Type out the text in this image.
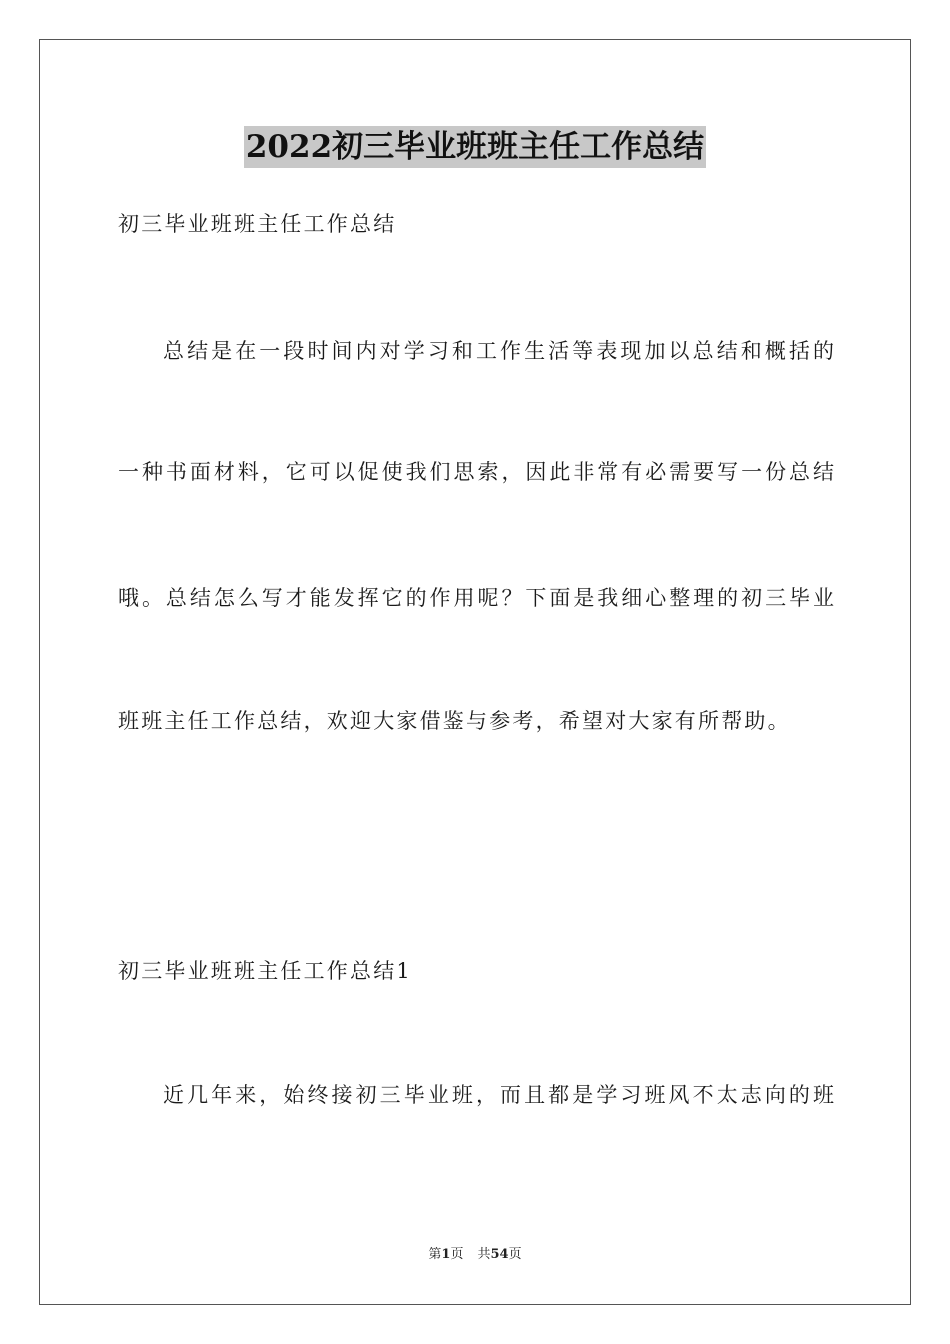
2022初三毕业班班主任工作总结
初三毕业班班主任工作总结
总结是在一段时间内对学习和工作生活等表现加以总结和概括的
一种书面材料，它可以促使我们思索，因此非常有必需要写一份总结
哦。总结怎么写才能发挥它的作用呢？下面是我细心整理的初三毕业
班班主任工作总结，欢迎大家借鉴与参考，希望对大家有所帮助。
初三毕业班班主任工作总结1
近几年来，始终接初三毕业班，而且都是学习班风不太志向的班
第1页 共54页
